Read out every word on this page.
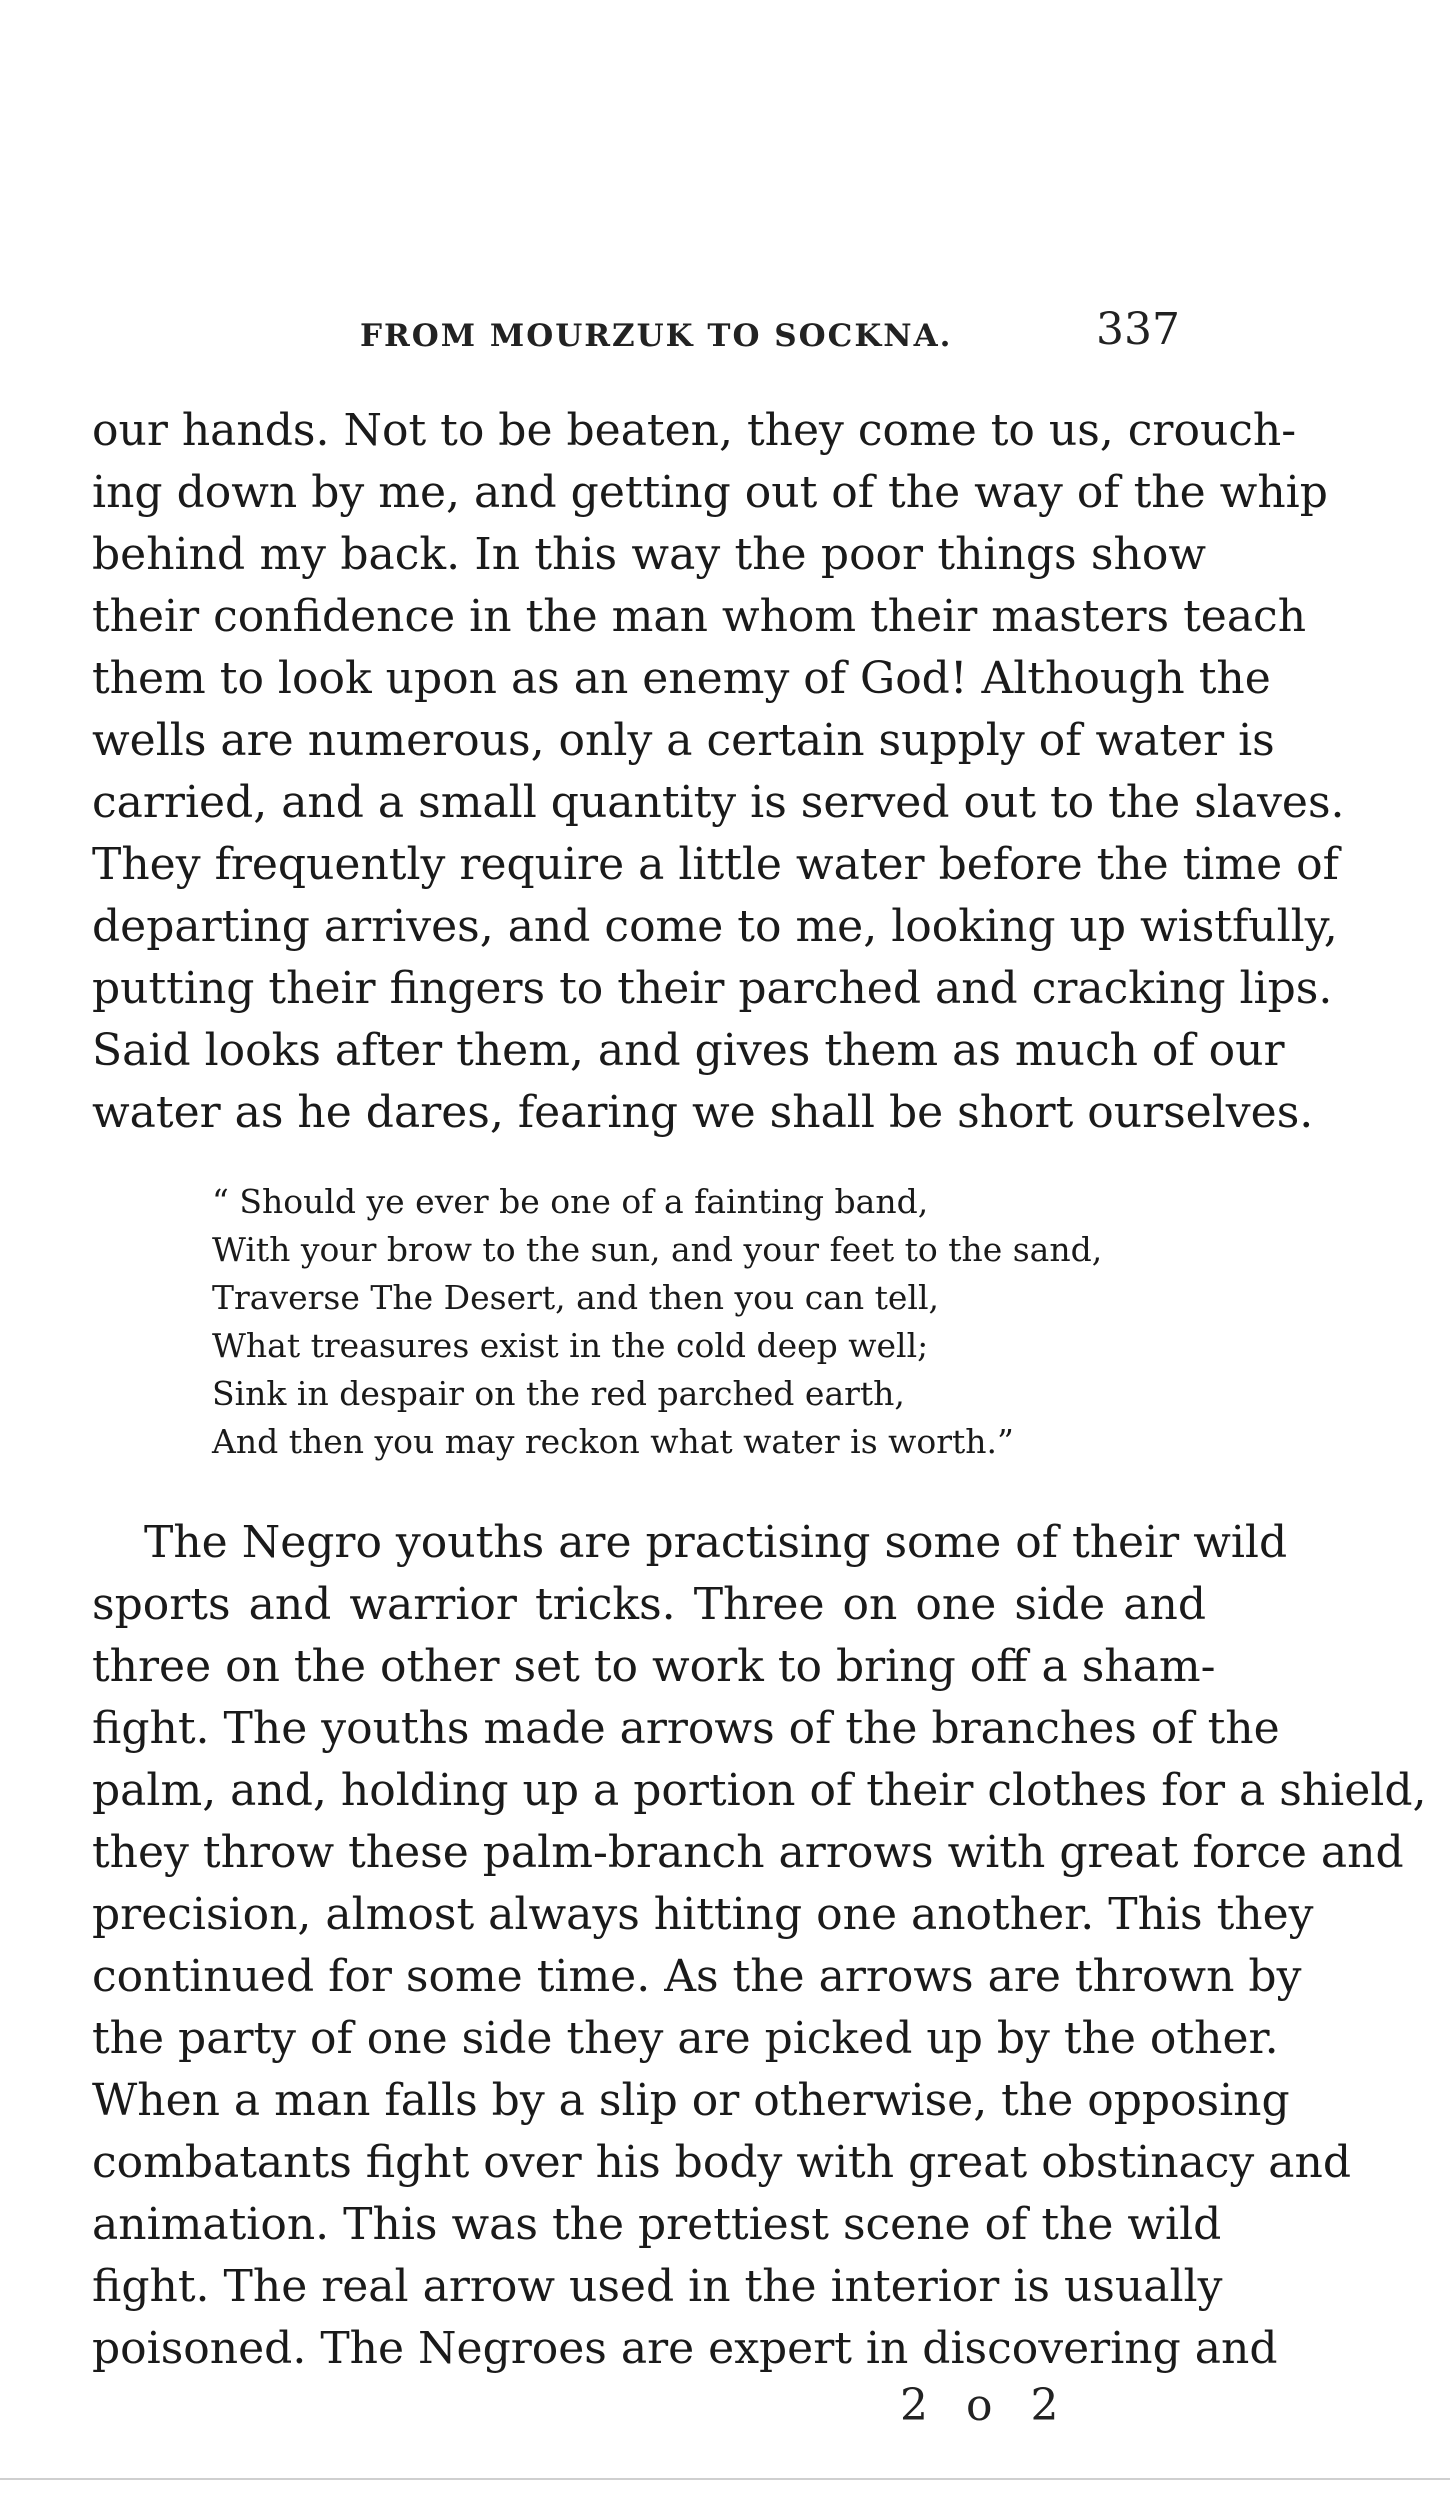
FROM MOURZUK TO SOCKNA.	337

our hands. Not to be beaten, they come to us, crouch-
ing down by me, and getting out of the way of the whip
behind my back. In this way the poor things show
their confidence in the man whom their masters teach
them to look upon as an enemy of God! Although the
wells are numerous, only a certain supply of water is
carried, and a small quantity is served out to the slaves.
They frequently require a little water before the time of
departing arrives, and come to me, looking up wistfully,
putting their fingers to their parched and cracking lips.
Said looks after them, and gives them as much of our
water as he dares, fearing we shall be short ourselves.

“ Should ye ever be one of a fainting band,
With your brow to the sun, and your feet to the sand,
Traverse The Desert, and then you can tell,
What treasures exist in the cold deep well;
Sink in despair on the red parched earth,
And then you may reckon what water is worth.”

The Negro youths are practising some of their wild
sports and warrior tricks. Three on one side and
three on the other set to work to bring off a sham-
fight. The youths made arrows of the branches of the
palm, and, holding up a portion of their clothes for a shield,
they throw these palm-branch arrows with great force and
precision, almost always hitting one another. This they
continued for some time. As the arrows are thrown by
the party of one side they are picked up by the other.
When a man falls by a slip or otherwise, the opposing
combatants fight over his body with great obstinacy and
animation. This was the prettiest scene of the wild
fight. The real arrow used in the interior is usually
poisoned. The Negroes are expert in discovering and

2 o 2
